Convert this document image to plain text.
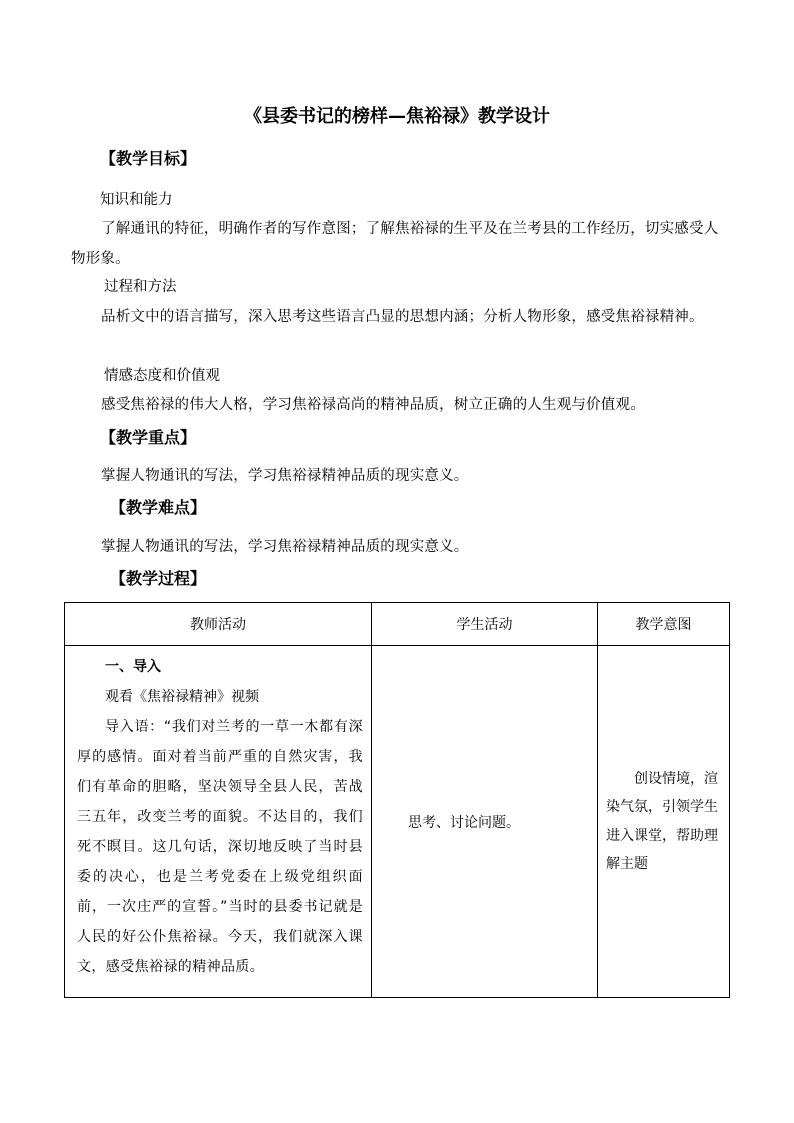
《县委书记的榜样—焦裕禄》教学设计
【教学目标】
知识和能力

了解通讯的特征，明确作者的写作意图；了解焦裕禄的生平及在兰考县的工作经历，切实感受人物形象。

过程和方法

品析文中的语言描写，深入思考这些语言凸显的思想内涵；分析人物形象，感受焦裕禄精神。

情感态度和价值观

感受焦裕禄的伟大人格，学习焦裕禄高尚的精神品质，树立正确的人生观与价值观。

【教学重点】

掌握人物通讯的写法，学习焦裕禄精神品质的现实意义。

【教学难点】

掌握人物通讯的写法，学习焦裕禄精神品质的现实意义。

【教学过程】
教师活动	学生活动	教学意图

一、导入
观看《焦裕禄精神》视频
导入语：“我们对兰考的一草一木都有深厚的感情。面对着当前严重的自然灾害，我们有革命的胆略，坚决领导全县人民，苦战三五年，改变兰考的面貌。不达目的，我们死不瞑目。这几句话，深切地反映了当时县委的决心，也是兰考党委在上级党组织面前，一次庄严的宣誓。”当时的县委书记就是人民的好公仆焦裕禄。今天，我们就深入课文，感受焦裕禄的精神品质。	思考、讨论问题。	创设情境，渲染气氛，引领学生进入课堂，帮助理解主题
